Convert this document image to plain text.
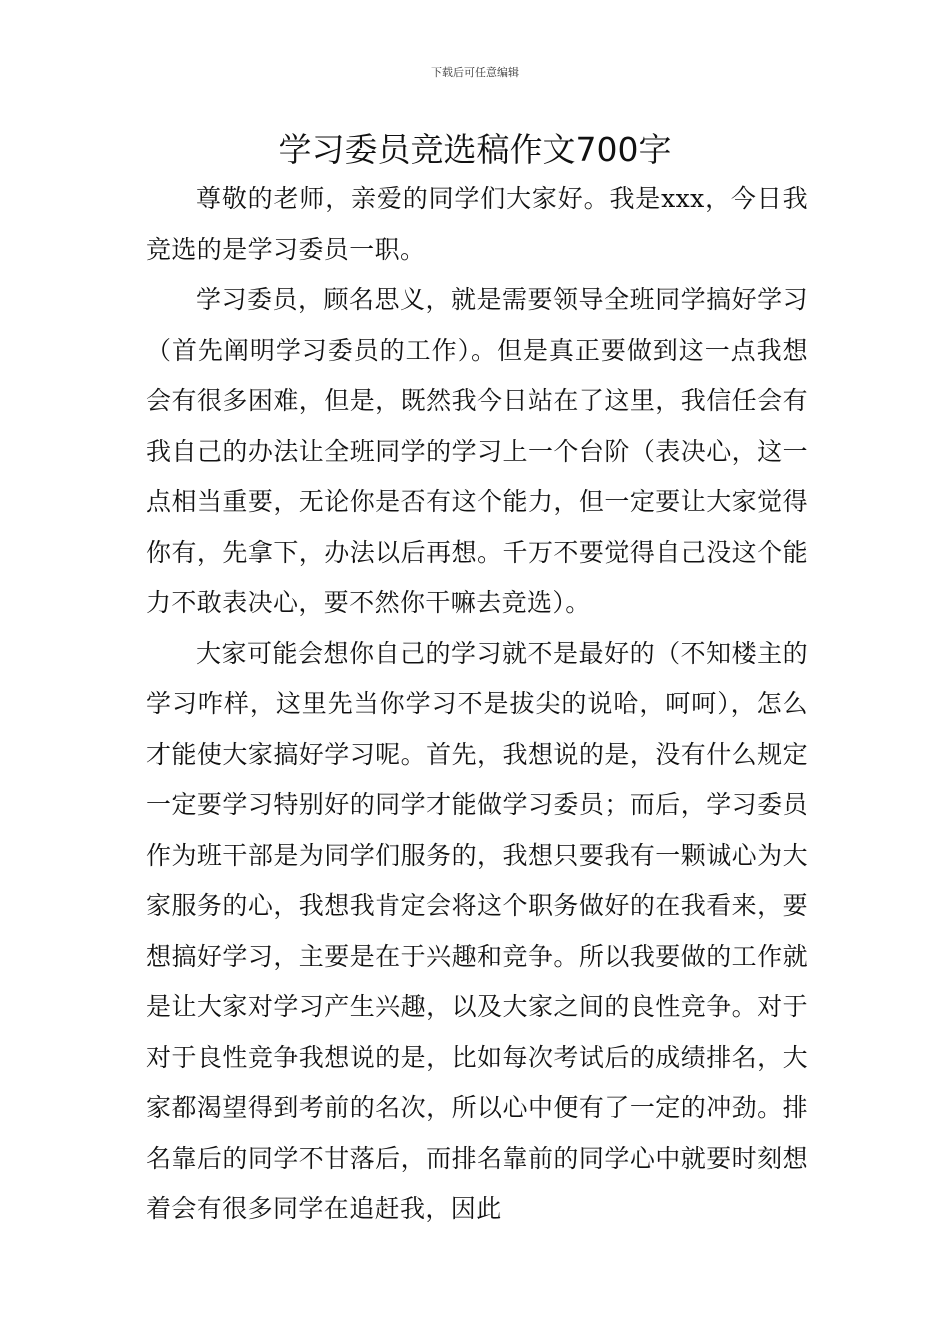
下载后可任意编辑
学习委员竞选稿作文700字

尊敬的老师，亲爱的同学们大家好。我是xxx，今日我竞选的是学习委员一职。

学习委员，顾名思义，就是需要领导全班同学搞好学习（首先阐明学习委员的工作）。但是真正要做到这一点我想会有很多困难，但是，既然我今日站在了这里，我信任会有我自己的办法让全班同学的学习上一个台阶（表决心，这一点相当重要，无论你是否有这个能力，但一定要让大家觉得你有，先拿下，办法以后再想。千万不要觉得自己没这个能力不敢表决心，要不然你干嘛去竞选）。

大家可能会想你自己的学习就不是最好的（不知楼主的学习咋样，这里先当你学习不是拔尖的说哈，呵呵），怎么才能使大家搞好学习呢。首先，我想说的是，没有什么规定一定要学习特别好的同学才能做学习委员；而后，学习委员作为班干部是为同学们服务的，我想只要我有一颗诚心为大家服务的心，我想我肯定会将这个职务做好的在我看来，要想搞好学习，主要是在于兴趣和竞争。所以我要做的工作就是让大家对学习产生兴趣，以及大家之间的良性竞争。对于对于良性竞争我想说的是，比如每次考试后的成绩排名，大家都渴望得到考前的名次，所以心中便有了一定的冲劲。排名靠后的同学不甘落后，而排名靠前的同学心中就要时刻想着会有很多同学在追赶我，因此
